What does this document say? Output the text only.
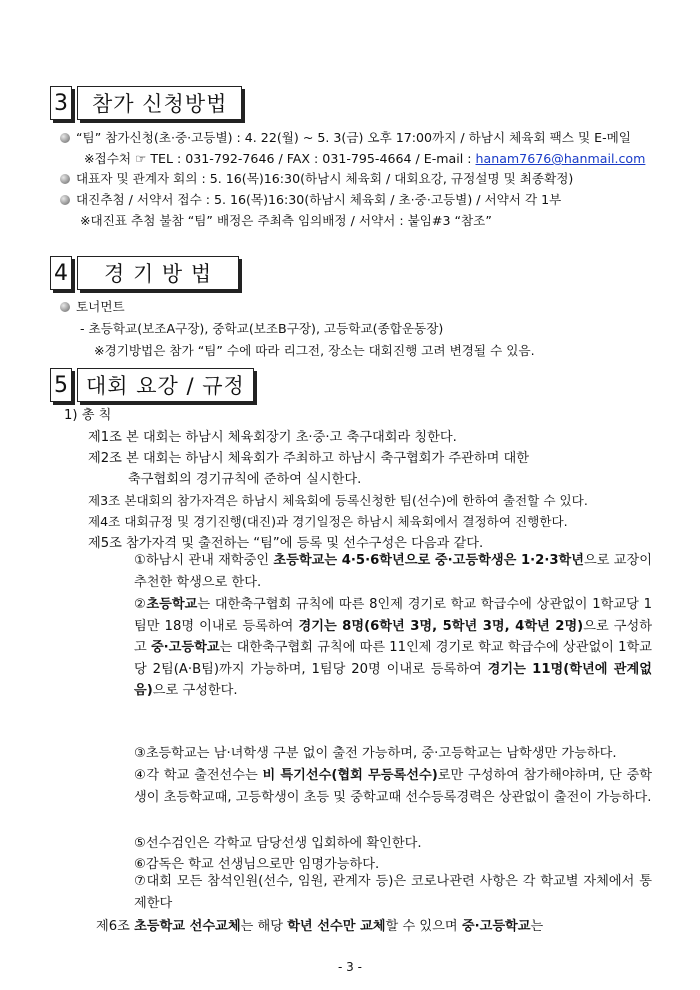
3	참가 신청방법
“팀” 참가신청(초·중·고등별) : 4. 22(월) ~ 5. 3(금) 오후 17:00까지 / 하남시 체육회 팩스 및 E-메일
※접수처 ☞ TEL : 031-792-7646 / FAX : 031-795-4664 / E-mail : hanam7676@hanmail.com
대표자 및 관계자 회의 : 5. 16(목)16:30(하남시 체육회 / 대회요강, 규정설명 및 최종확정)
대진추첨 / 서약서 접수 : 5. 16(목)16:30(하남시 체육회 / 초·중·고등별) / 서약서 각 1부
※대진표 추첨 불참 “팀” 배정은 주최측 임의배정 / 서약서 : 붙임#3 “참조”
4	경 기 방 법
토너먼트
- 초등학교(보조A구장), 중학교(보조B구장), 고등학교(종합운동장)
※경기방법은 참가 “팀” 수에 따라 리그전, 장소는 대회진행 고려 변경될 수 있음.
5 대회 요강 / 규정
1) 총 칙
제1조 본 대회는 하남시 체육회장기 초·중·고 축구대회라 칭한다.
제2조 본 대회는 하남시 체육회가 주최하고 하남시 축구협회가 주관하며 대한
축구협회의 경기규칙에 준하여 실시한다.
제3조 본대회의 참가자격은 하남시 체육회에 등록신청한 팀(선수)에 한하여 출전할 수 있다.
제4조 대회규정 및 경기진행(대진)과 경기일정은 하남시 체육회에서 결정하여 진행한다.
제5조 참가자격 및 출전하는 “팀”에 등록 및 선수구성은 다음과 같다.
①하남시 관내 재학중인 초등학교는 4·5·6학년으로 중·고등학생은 1·2·3학년으로 교장이 추천한 학생으로 한다.
②초등학교는 대한축구협회 규칙에 따른 8인제 경기로 학교 학급수에 상관없이 1학교당 1팀만 18명 이내로 등록하여 경기는 8명(6학년 3명, 5학년 3명, 4학년 2명)으로 구성하고 중·고등학교는 대한축구협회 규칙에 따른 11인제 경기로 학교 학급수에 상관없이 1학교당 2팀(A·B팀)까지 가능하며, 1팀당 20명 이내로 등록하여 경기는 11명(학년에 관계없음)으로 구성한다.
③초등학교는 남·녀학생 구분 없이 출전 가능하며, 중·고등학교는 남학생만 가능하다.
④각 학교 출전선수는 비 특기선수(협회 무등록선수)로만 구성하여 참가해야하며, 단 중학생이 초등학교때, 고등학생이 초등 및 중학교때 선수등록경력은 상관없이 출전이 가능하다.
⑤선수검인은 각학교 담당선생 입회하에 확인한다.
⑥감독은 학교 선생님으로만 임명가능하다.
⑦대회 모든 참석인원(선수, 임원, 관계자 등)은 코로나관련 사항은 각 학교별 자체에서 통제한다
제6조 초등학교 선수교체는 해당 학년 선수만 교체할 수 있으며 중·고등학교는
- 3 -
